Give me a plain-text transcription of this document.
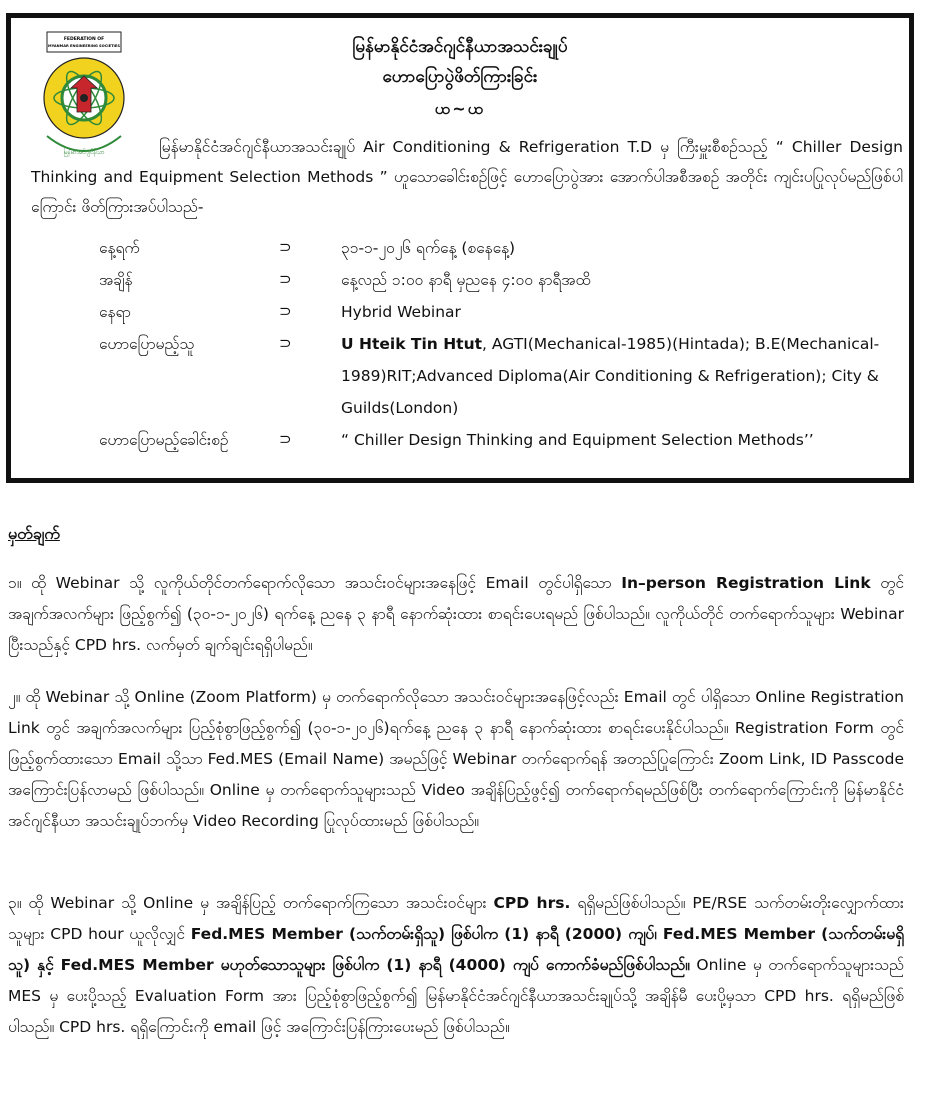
FEDERATION OF
MYANMAR ENGINEERING SOCIETIES
မြန်မာအင်ဂျင်နီယာ
မြန်မာနိုင်ငံအင်ဂျင်နီယာအသင်းချုပ်
ဟောပြောပွဲဖိတ်ကြားခြင်း
ꩤ~ꩤ

မြန်မာနိုင်ငံအင်ဂျင်နီယာအသင်းချုပ် Air Conditioning & Refrigeration T.D မှ ကြီးမှူးစီစဉ်သည့် “ Chiller Design Thinking and Equipment Selection Methods ” ဟူသောခေါင်းစဉ်ဖြင့် ဟောပြောပွဲအား အောက်ပါအစီအစဉ် အတိုင်း ကျင်းပပြုလုပ်မည်ဖြစ်ပါကြောင်း ဖိတ်ကြားအပ်ပါသည်-

နေ့ရက်	⊃	၃၁-၁-၂၀၂၆ ရက်နေ့ (စနေနေ့)
အချိန်	⊃	နေ့လည် ၁:၀၀ နာရီ မှညနေ ၄:၀၀ နာရီအထိ
နေရာ	⊃	Hybrid Webinar
ဟောပြောမည့်သူ	⊃	U Hteik Tin Htut, AGTI(Mechanical-1985)(Hintada); B.E(Mechanical-1989)RIT;Advanced Diploma(Air Conditioning & Refrigeration); City & Guilds(London)
ဟောပြောမည့်ခေါင်းစဉ်	⊃	“ Chiller Design Thinking and Equipment Selection Methods’’
မှတ်ချက်

၁။ ထို Webinar သို့ လူကိုယ်တိုင်တက်ရောက်လိုသော အသင်းဝင်များအနေဖြင့် Email တွင်ပါရှိသော In–person Registration Link တွင် အချက်အလက်များ ဖြည့်စွက်၍ (၃၀-၁-၂၀၂၆) ရက်နေ့ ညနေ ၃ နာရီ နောက်ဆုံးထား စာရင်းပေးရမည် ဖြစ်ပါသည်။ လူကိုယ်တိုင် တက်ရောက်သူများ Webinar ပြီးသည်နှင့် CPD hrs. လက်မှတ် ချက်ချင်းရရှိပါမည်။

၂။ ထို Webinar သို့ Online (Zoom Platform) မှ တက်ရောက်လိုသော အသင်းဝင်များအနေဖြင့်လည်း Email တွင် ပါရှိသော Online Registration Link တွင် အချက်အလက်များ ပြည့်စုံစွာဖြည့်စွက်၍ (၃၀-၁-၂၀၂၆)ရက်နေ့ ညနေ ၃ နာရီ နောက်ဆုံးထား စာရင်းပေးနိုင်ပါသည်။ Registration Form တွင် ဖြည့်စွက်ထားသော Email သို့သာ Fed.MES (Email Name) အမည်ဖြင့် Webinar တက်ရောက်ရန် အတည်ပြုကြောင်း Zoom Link, ID Passcode အကြောင်းပြန်လာမည် ဖြစ်ပါသည်။ Online မှ တက်ရောက်သူများသည် Video အချိန်ပြည့်ဖွင့်၍ တက်ရောက်ရမည်ဖြစ်ပြီး တက်ရောက်ကြောင်းကို မြန်မာနိုင်ငံအင်ဂျင်နီယာ အသင်းချုပ်ဘက်မှ Video Recording ပြုလုပ်ထားမည် ဖြစ်ပါသည်။

၃။ ထို Webinar သို့ Online မှ အချိန်ပြည့် တက်ရောက်ကြသော အသင်းဝင်များ CPD hrs. ရရှိမည်ဖြစ်ပါသည်။ PE/RSE သက်တမ်းတိုးလျှောက်ထားသူများ CPD hour ယူလိုလျှင် Fed.MES Member (သက်တမ်းရှိသူ) ဖြစ်ပါက (1) နာရီ (2000) ကျပ်၊ Fed.MES Member (သက်တမ်းမရှိသူ) နှင့် Fed.MES Member မဟုတ်သောသူများ ဖြစ်ပါက (1) နာရီ (4000) ကျပ် ကောက်ခံမည်ဖြစ်ပါသည်။ Online မှ တက်ရောက်သူများသည် MES မှ ပေးပို့သည့် Evaluation Form အား ပြည့်စုံစွာဖြည့်စွက်၍ မြန်မာနိုင်ငံအင်ဂျင်နီယာအသင်းချုပ်သို့ အချိန်မီ ပေးပို့မှသာ CPD hrs. ရရှိမည်ဖြစ်ပါသည်။ CPD hrs. ရရှိကြောင်းကို email ဖြင့် အကြောင်းပြန်ကြားပေးမည် ဖြစ်ပါသည်။
